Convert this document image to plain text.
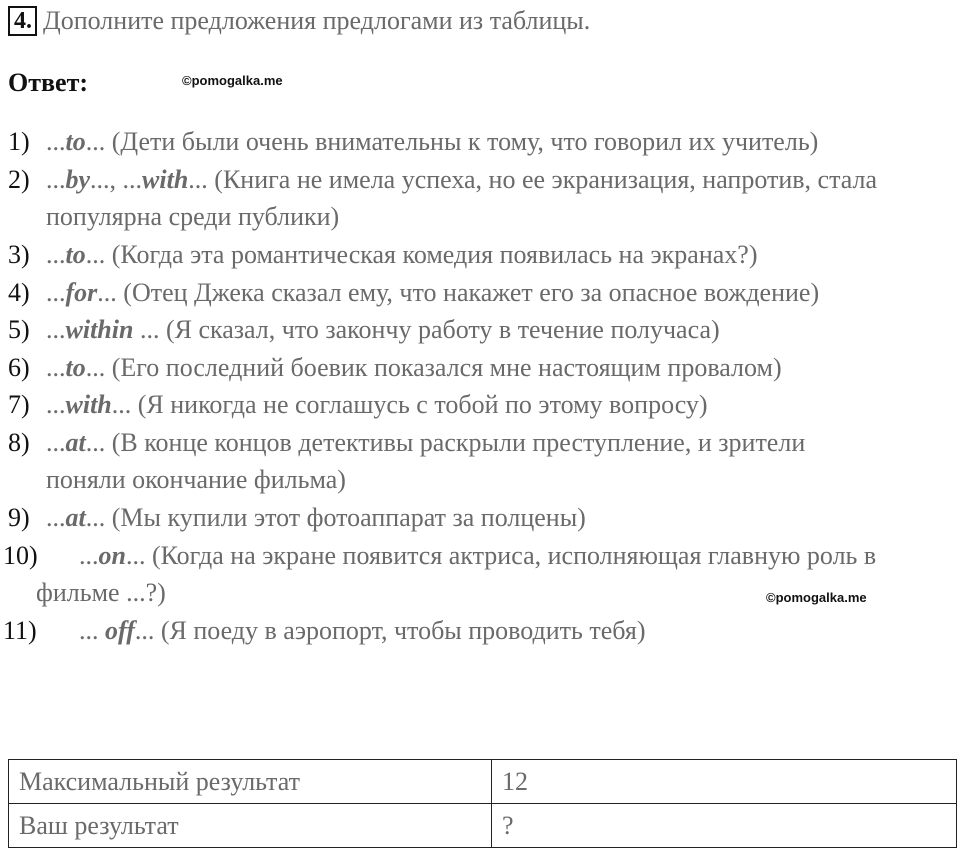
4. Дополните предложения предлогами из таблицы.
Ответ:	©pomogalka.me
©pomogalka.me
1) ...to... (Дети были очень внимательны к тому, что говорил их учитель)
2) ...by..., ...with... (Книга не имела успеха, но ее экранизация, напротив, стала
популярна среди публики)
3) ...to... (Когда эта романтическая комедия появилась на экранах?)
4) ...for... (Отец Джека сказал ему, что накажет его за опасное вождение)
5) ...within ... (Я сказал, что закончу работу в течение получаса)
6) ...to... (Его последний боевик показался мне настоящим провалом)
7) ...with... (Я никогда не соглашусь с тобой по этому вопросу)
8) ...at... (В конце концов детективы раскрыли преступление, и зрители
поняли окончание фильма)
9) ...at... (Мы купили этот фотоаппарат за полцены)
10) ...on... (Когда на экране появится актриса, исполняющая главную роль в
фильме ...?)
11) ... off... (Я поеду в аэропорт, чтобы проводить тебя)
Максимальный результат	12
Ваш результат	?
